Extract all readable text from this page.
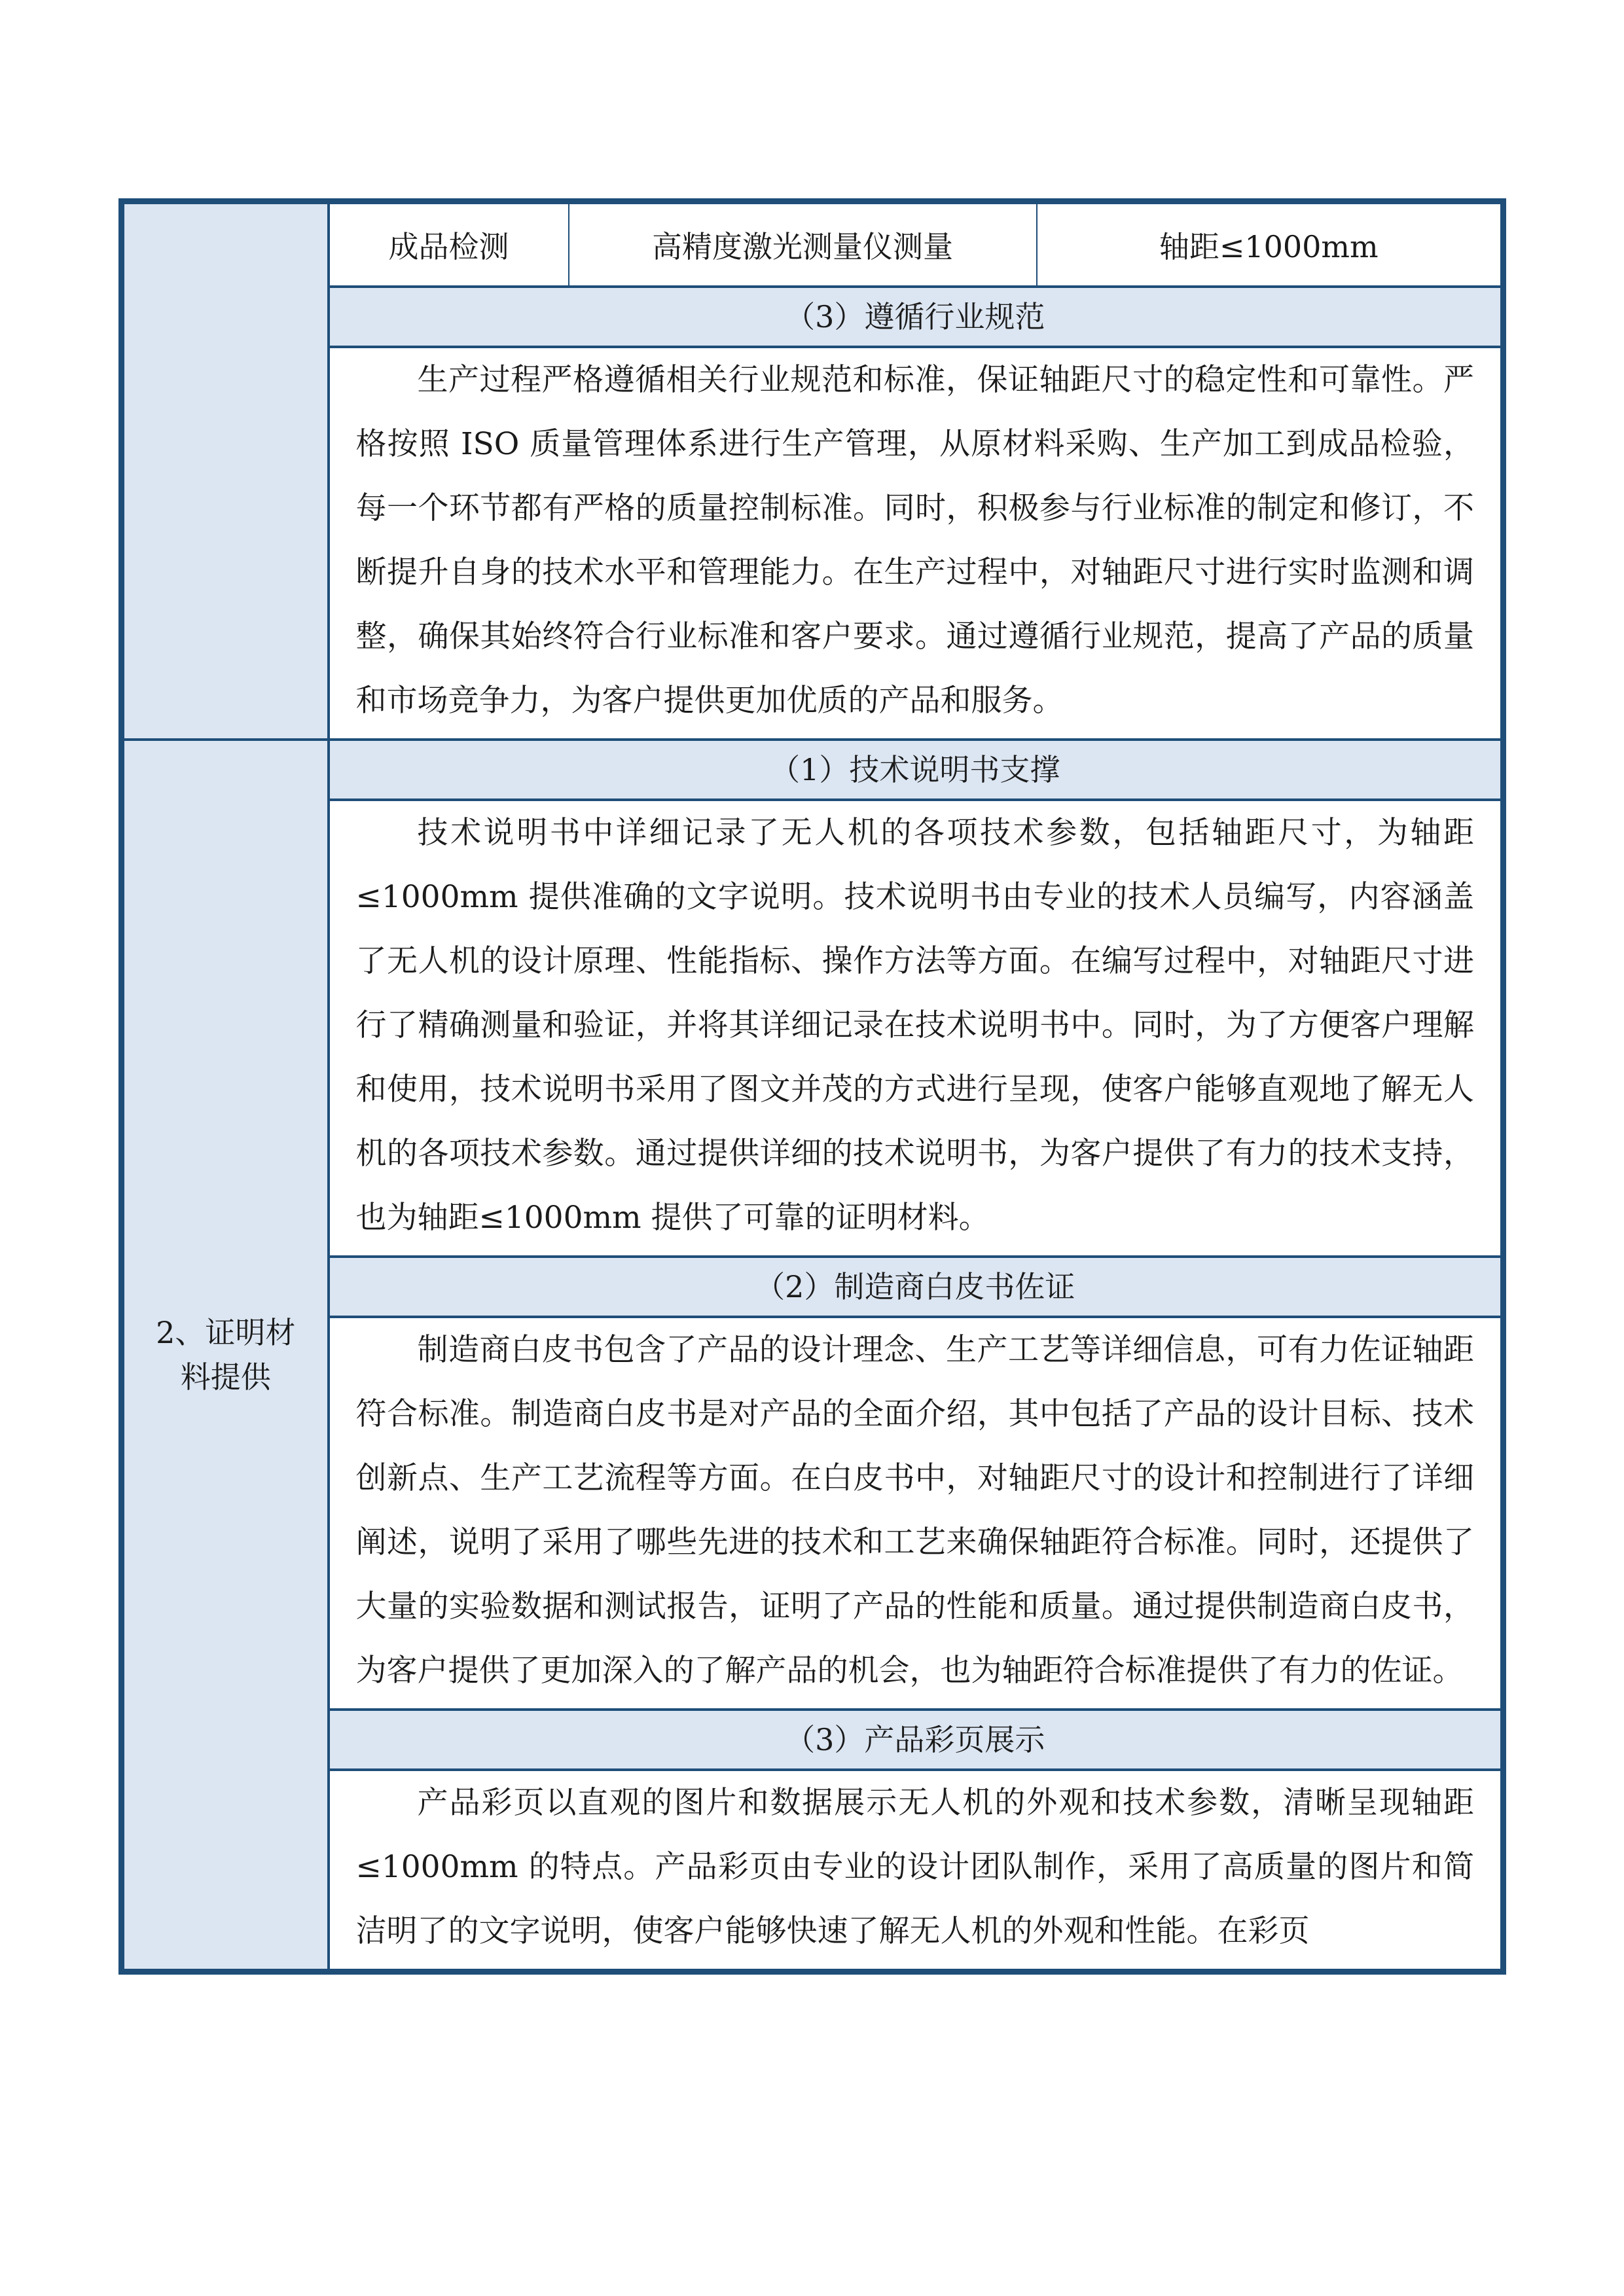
成品检测	高精度激光测量仪测量	轴距≤1000mm

（3）遵循行业规范
生产过程严格遵循相关行业规范和标准，保证轴距尺寸的稳定性和可靠性。严格按照 ISO 质量管理体系进行生产管理，从原材料采购、生产加工到成品检验，每一个环节都有严格的质量控制标准。同时，积极参与行业标准的制定和修订，不断提升自身的技术水平和管理能力。在生产过程中，对轴距尺寸进行实时监测和调整，确保其始终符合行业标准和客户要求。通过遵循行业规范，提高了产品的质量和市场竞争力，为客户提供更加优质的产品和服务。

2、证明材
料提供
	（1）技术说明书支撑
技术说明书中详细记录了无人机的各项技术参数，包括轴距尺寸，为轴距≤1000mm 提供准确的文字说明。技术说明书由专业的技术人员编写，内容涵盖了无人机的设计原理、性能指标、操作方法等方面。在编写过程中，对轴距尺寸进行了精确测量和验证，并将其详细记录在技术说明书中。同时，为了方便客户理解和使用，技术说明书采用了图文并茂的方式进行呈现，使客户能够直观地了解无人机的各项技术参数。通过提供详细的技术说明书，为客户提供了有力的技术支持，也为轴距≤1000mm 提供了可靠的证明材料。
（2）制造商白皮书佐证
制造商白皮书包含了产品的设计理念、生产工艺等详细信息，可有力佐证轴距符合标准。制造商白皮书是对产品的全面介绍，其中包括了产品的设计目标、技术创新点、生产工艺流程等方面。在白皮书中，对轴距尺寸的设计和控制进行了详细阐述，说明了采用了哪些先进的技术和工艺来确保轴距符合标准。同时，还提供了大量的实验数据和测试报告，证明了产品的性能和质量。通过提供制造商白皮书，为客户提供了更加深入的了解产品的机会，也为轴距符合标准提供了有力的佐证。
（3）产品彩页展示
产品彩页以直观的图片和数据展示无人机的外观和技术参数，清晰呈现轴距≤1000mm 的特点。产品彩页由专业的设计团队制作，采用了高质量的图片和简洁明了的文字说明，使客户能够快速了解无人机的外观和性能。在彩页
